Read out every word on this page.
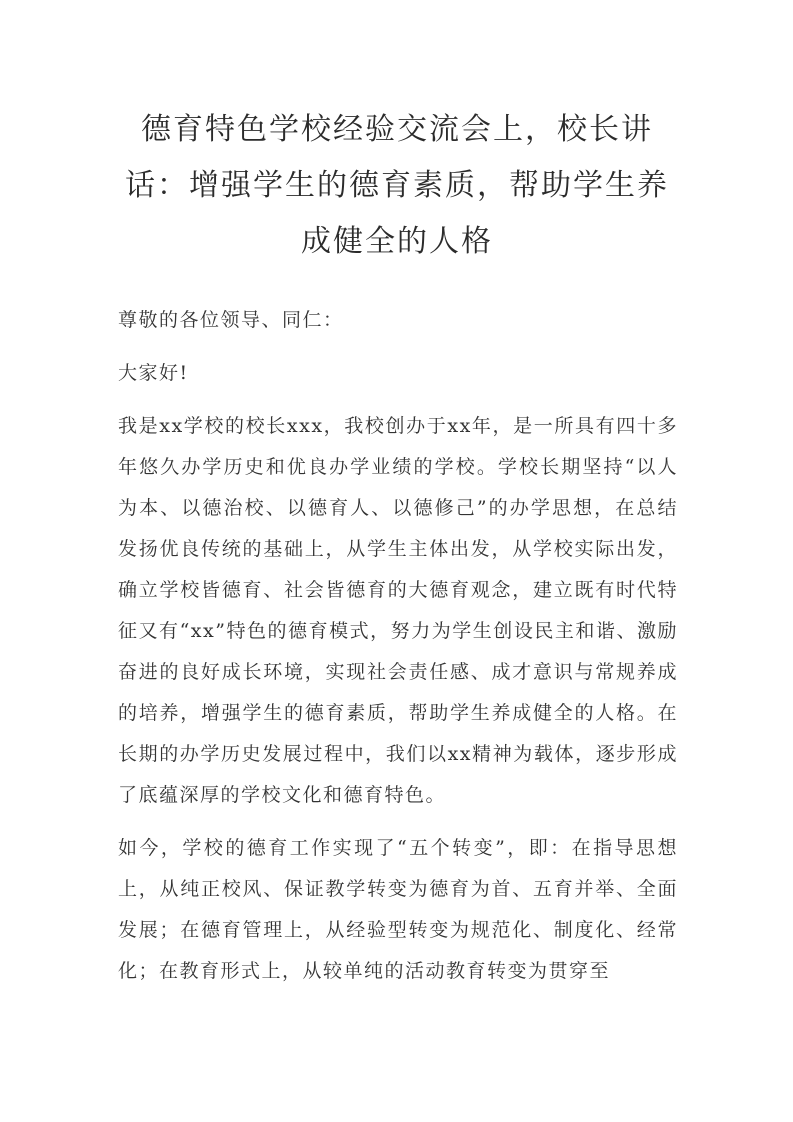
德育特色学校经验交流会上，校长讲话：增强学生的德育素质，帮助学生养成健全的人格

尊敬的各位领导、同仁：

大家好!

我是xx学校的校长xxx，我校创办于xx年，是一所具有四十多年悠久办学历史和优良办学业绩的学校。学校长期坚持“以人为本、以德治校、以德育人、以德修己”的办学思想，在总结发扬优良传统的基础上，从学生主体出发，从学校实际出发，确立学校皆德育、社会皆德育的大德育观念，建立既有时代特征又有“xx”特色的德育模式，努力为学生创设民主和谐、激励奋进的良好成长环境，实现社会责任感、成才意识与常规养成的培养，增强学生的德育素质，帮助学生养成健全的人格。在长期的办学历史发展过程中，我们以xx精神为载体，逐步形成了底蕴深厚的学校文化和德育特色。

如今，学校的德育工作实现了“五个转变”，即：在指导思想上，从纯正校风、保证教学转变为德育为首、五育并举、全面发展；在德育管理上，从经验型转变为规范化、制度化、经常化；在教育形式上，从较单纯的活动教育转变为贯穿至
